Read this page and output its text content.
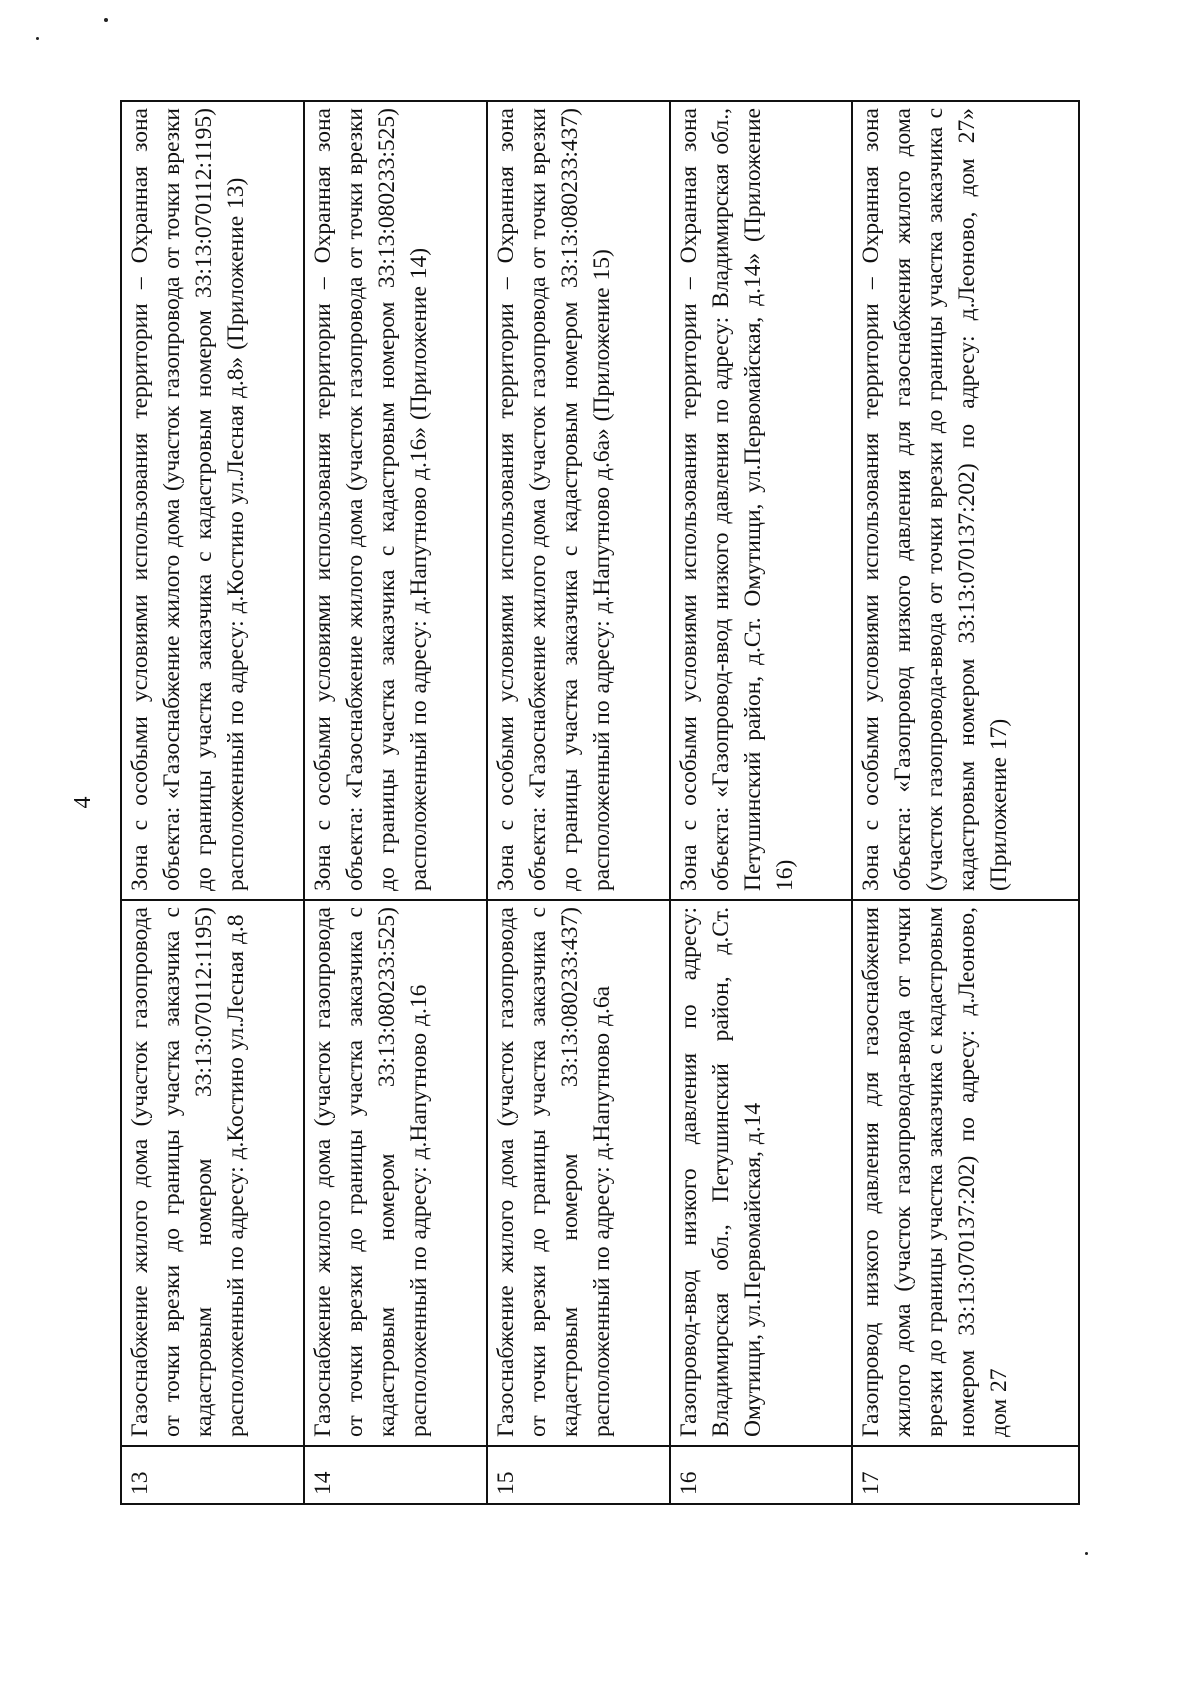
4
13	Газоснабжение жилого дома (участок газопровода от точки врезки до границы участка заказчика с кадастровым номером 33:13:070112:1195) расположенный по адресу: д.Костино ул.Лесная д.8	Зона с особыми условиями использования территории – Охранная зона объекта: «Газоснабжение жилого дома (участок газопровода от точки врезки до границы участка заказчика с кадастровым номером 33:13:070112:1195) расположенный по адресу: д.Костино ул.Лесная д.8» (Приложение 13)
14	Газоснабжение жилого дома (участок газопровода от точки врезки до границы участка заказчика с кадастровым номером 33:13:080233:525) расположенный по адресу: д.Напутново д.16	Зона с особыми условиями использования территории – Охранная зона объекта: «Газоснабжение жилого дома (участок газопровода от точки врезки до границы участка заказчика с кадастровым номером 33:13:080233:525) расположенный по адресу: д.Напутново д.16» (Приложение 14)
15	Газоснабжение жилого дома (участок газопровода от точки врезки до границы участка заказчика с кадастровым номером 33:13:080233:437) расположенный по адресу: д.Напутново д.6а	Зона с особыми условиями использования территории – Охранная зона объекта: «Газоснабжение жилого дома (участок газопровода от точки врезки до границы участка заказчика с кадастровым номером 33:13:080233:437) расположенный по адресу: д.Напутново д.6а» (Приложение 15)
16	Газопровод-ввод низкого давления по адресу: Владимирская обл., Петушинский район, д.Ст. Омутищи, ул.Первомайская, д.14	Зона с особыми условиями использования территории – Охранная зона объекта: «Газопровод-ввод низкого давления по адресу: Владимирская обл., Петушинский район, д.Ст. Омутищи, ул.Первомайская, д.14» (Приложение 16)
17	Газопровод низкого давления для газоснабжения жилого дома (участок газопровода-ввода от точки врезки до границы участка заказчика с кадастровым номером 33:13:070137:202) по адресу: д.Леоново, дом 27	Зона с особыми условиями использования территории – Охранная зона объекта: «Газопровод низкого давления для газоснабжения жилого дома (участок газопровода-ввода от точки врезки до границы участка заказчика с кадастровым номером 33:13:070137:202) по адресу: д.Леоново, дом 27» (Приложение 17)
